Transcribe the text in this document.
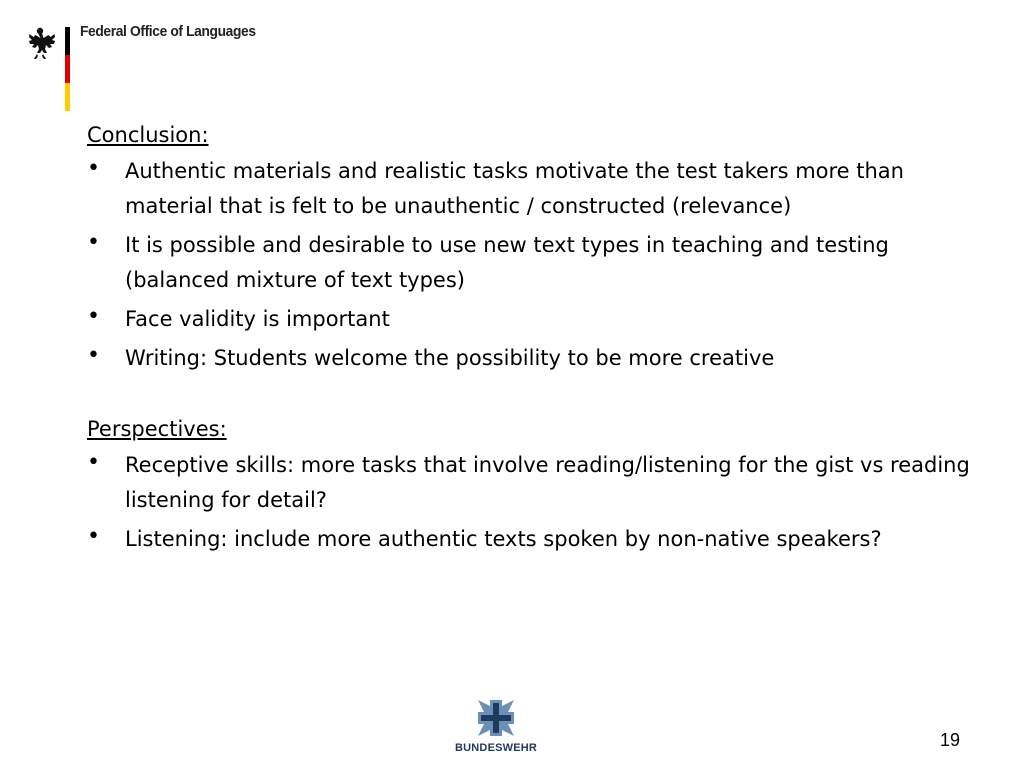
Federal Office of Languages

Conclusion:

• Authentic materials and realistic tasks motivate the test takers more than material that is felt to be unauthentic / constructed (relevance)
• It is possible and desirable to use new text types in teaching and testing (balanced mixture of text types)
• Face validity is important
• Writing: Students welcome the possibility to be more creative

Perspectives:

• Receptive skills: more tasks that involve reading/listening for the gist vs reading listening for detail?
• Listening: include more authentic texts spoken by non-native speakers?
BUNDESWEHR	19
